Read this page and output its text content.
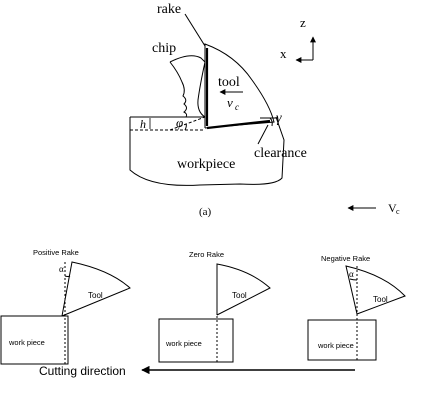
rake
chip
tool
v c
γ
h φ
clearance
workpiece
(a)
z
x
V c
Positive Rake
α
Tool
work piece
Zero Rake
Tool
work piece
Negative Rake
α
Tool
work piece
Cutting direction
